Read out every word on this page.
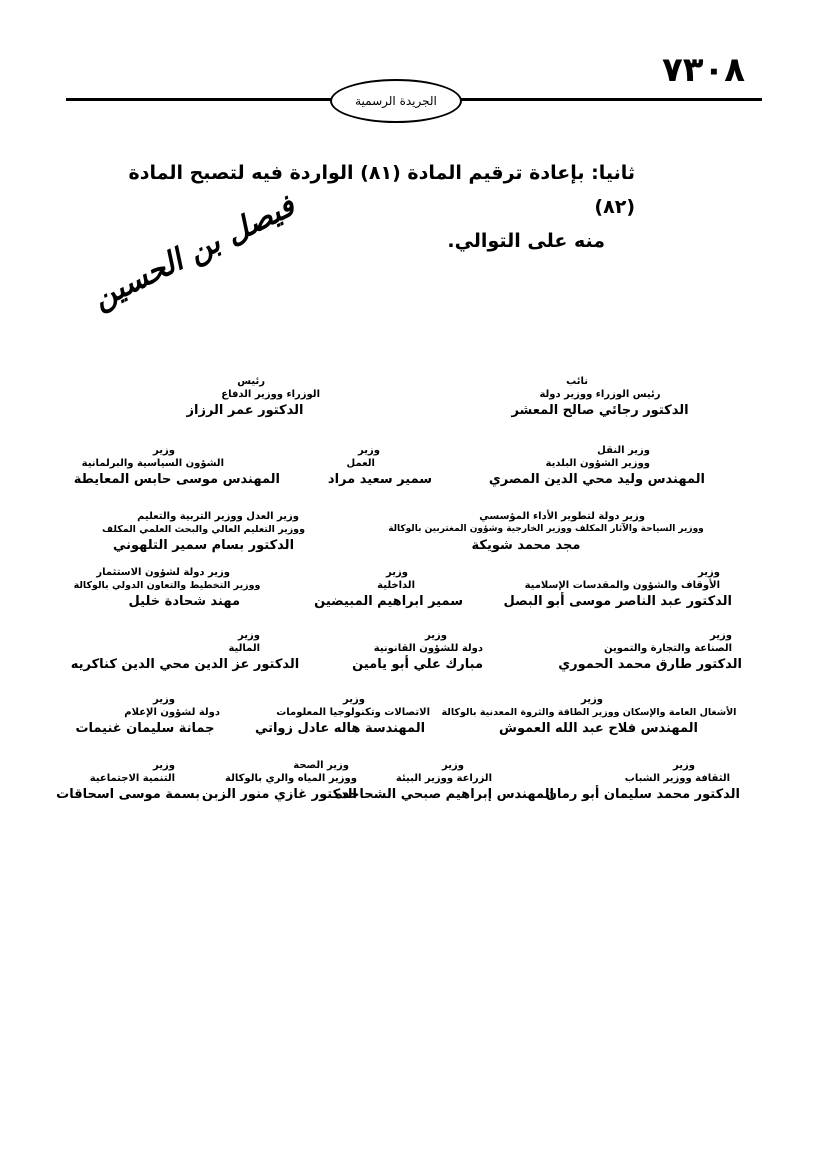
٧٣٠٨
الجريدة الرسمية
ثانيا: بإعادة ترقيم المادة (٨١) الواردة فيه لتصبح المادة (٨٢)
منه على التوالي.
فيصل بن الحسين
نائب
رئيس الوزراء ووزير دولة
الدكتور رجائي صالح المعشر
رئيس
الوزراء ووزير الدفاع
الدكتور عمر الرزاز
وزير النقل
ووزير الشؤون البلدية
المهندس وليد محي الدين المصري
وزير
العمل
سمير سعيد مراد
وزير
الشؤون السياسية والبرلمانية
المهندس موسى حابس المعايطة
وزير دولة لتطوير الأداء المؤسسي
ووزير السياحة والآثار المكلف ووزير الخارجية وشؤون المغتربين بالوكالة
مجد محمد شويكة
وزير العدل ووزير التربية والتعليم
ووزير التعليم العالي والبحث العلمي المكلف
الدكتور بسام سمير التلهوني
وزير
الأوقاف والشؤون والمقدسات الإسلامية
الدكتور عبد الناصر موسى أبو البصل
وزير
الداخلية
سمير ابراهيم المبيضين
وزير دولة لشؤون الاستثمار
ووزير التخطيط والتعاون الدولي بالوكالة
مهند شحادة خليل
وزير
الصناعة والتجارة والتموين
الدكتور طارق محمد الحموري
وزير
دولة للشؤون القانونية
مبارك علي أبو يامين
وزير
المالية
الدكتور عز الدين محي الدين كناكريه
وزير
الأشغال العامة والإسكان ووزير الطاقة والثروة المعدنية بالوكالة
المهندس فلاح عبد الله العموش
وزير
الاتصالات وتكنولوجيا المعلومات
المهندسة هاله عادل زواتي
وزير
دولة لشؤون الإعلام
جمانة سليمان غنيمات
وزير
الثقافة ووزير الشباب
الدكتور محمد سليمان أبو رمان
وزير
الزراعة ووزير البيئة
المهندس إبراهيم صبحي الشحاحده
وزير الصحة
ووزير المياه والري بالوكالة
الدكتور غازي منور الزبن
وزير
التنمية الاجتماعية
بسمة موسى اسحاقات
